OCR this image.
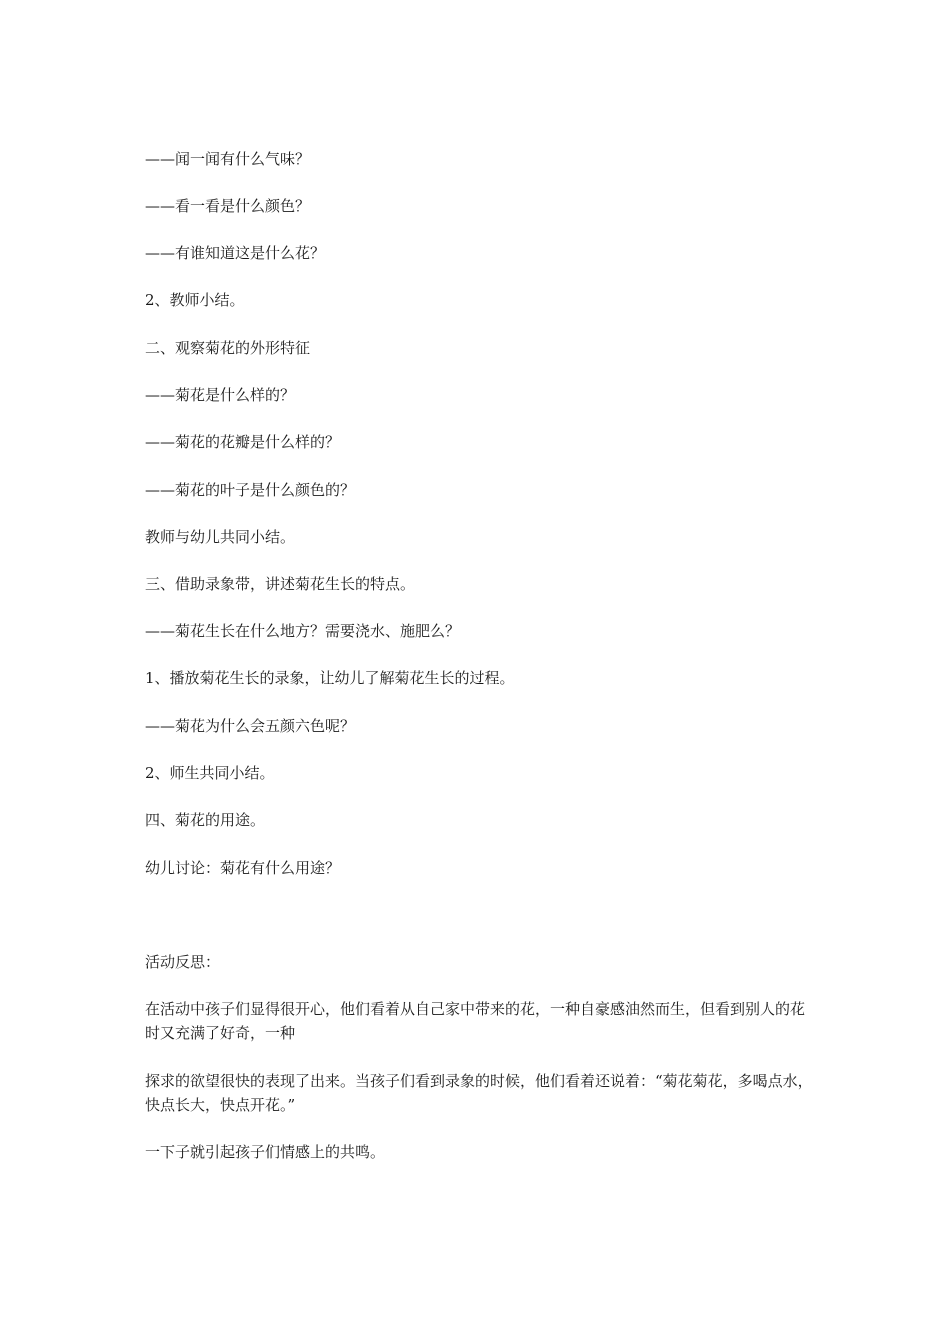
——闻一闻有什么气味？
——看一看是什么颜色？
——有谁知道这是什么花？
2、教师小结。
二、观察菊花的外形特征
——菊花是什么样的？
——菊花的花瓣是什么样的？
——菊花的叶子是什么颜色的？
教师与幼儿共同小结。
三、借助录象带，讲述菊花生长的特点。
——菊花生长在什么地方？需要浇水、施肥么？
1、播放菊花生长的录象，让幼儿了解菊花生长的过程。
——菊花为什么会五颜六色呢？
2、师生共同小结。
四、菊花的用途。
幼儿讨论：菊花有什么用途？
活动反思：
在活动中孩子们显得很开心，他们看着从自己家中带来的花，一种自豪感油然而生，但看到别人的花时又充满了好奇，一种
探求的欲望很快的表现了出来。当孩子们看到录象的时候，他们看着还说着：“菊花菊花，多喝点水，快点长大，快点开花。”
一下子就引起孩子们情感上的共鸣。
